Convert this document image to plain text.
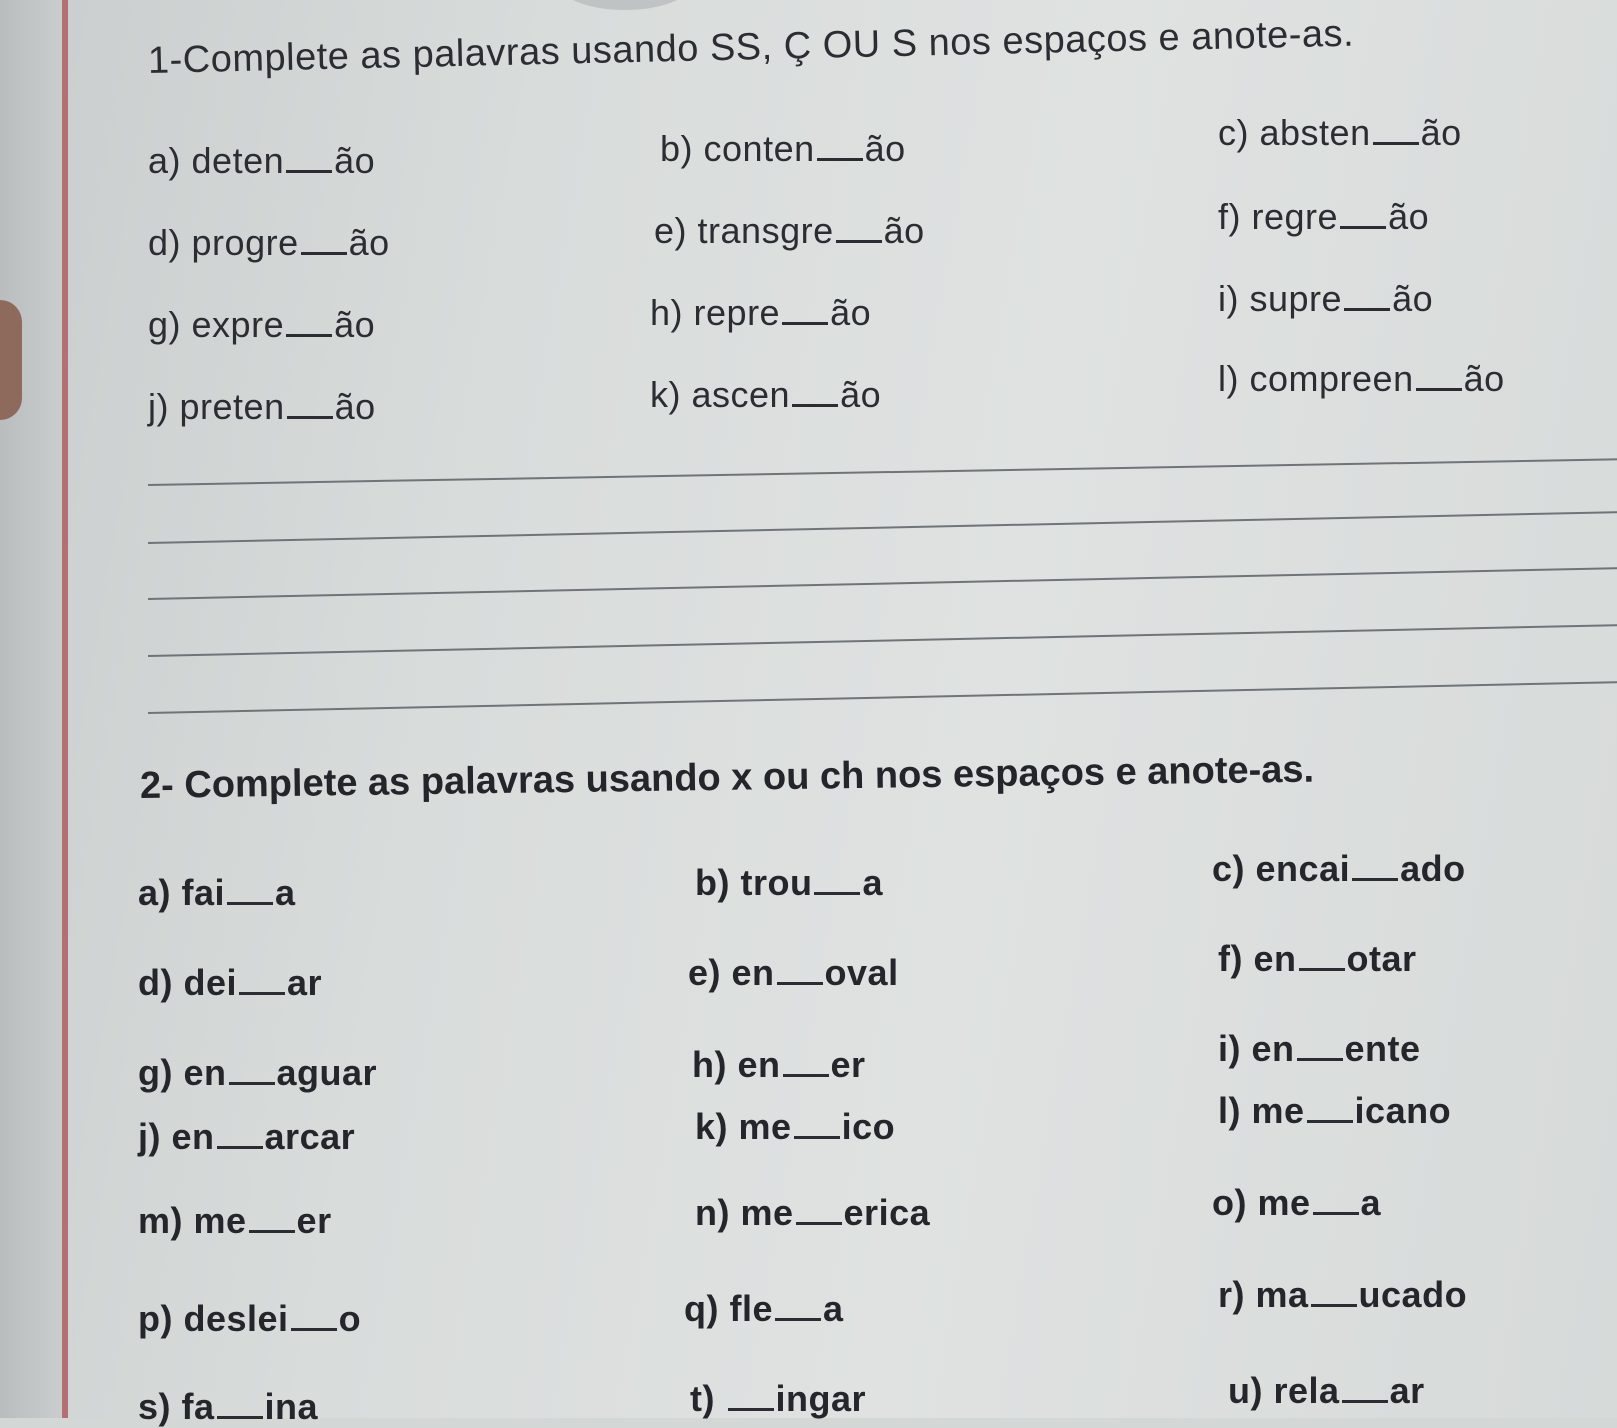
1-Complete as palavras usando SS, Ç OU S nos espaços e anote-as.
a) deten ão	b) conten ão	c) absten ão
d) progre ão	e) transgre ão	f) regre ão
g) expre ão	h) repre ão	i) supre ão
j) preten ão	k) ascen ão	l) compreen ão
2- Complete as palavras usando x ou ch nos espaços e anote-as.
a) fai a	b) trou a	c) encai ado
d) dei ar	e) en oval	f) en otar
g) en aguar	h) en er	i) en ente
j) en arcar	k) me ico	l) me icano
m) me er	n) me erica	o) me a
p) deslei o	q) fle a	r) ma ucado
s) fa ina	t) ingar	u) rela ar
